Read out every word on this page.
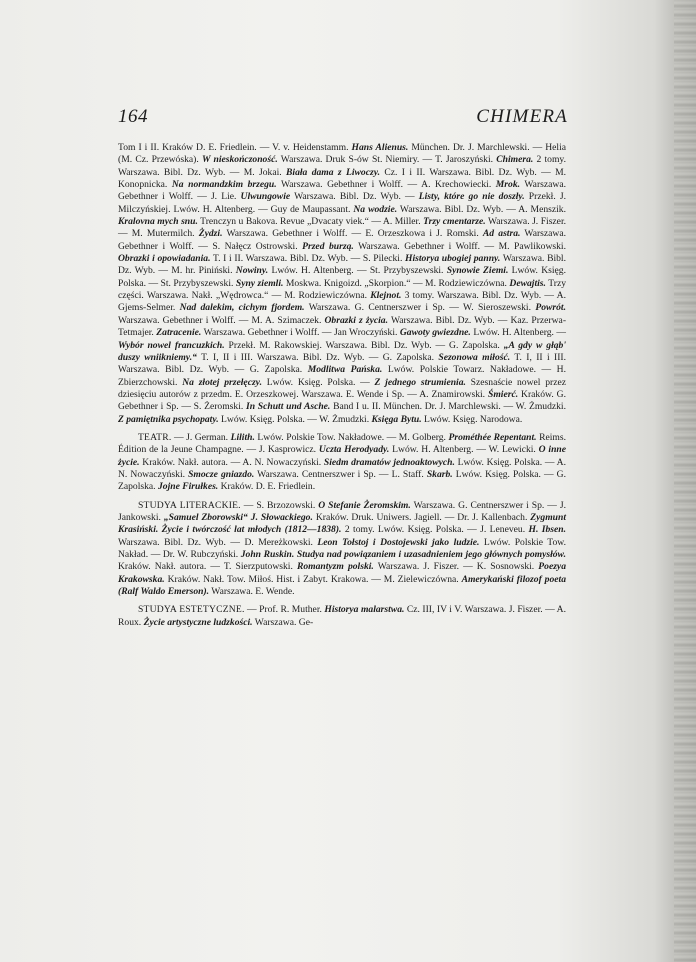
164	CHIMERA

Tom I i II. Kraków D. E. Friedlein. — V. v. Heidenstamm. Hans Alienus. München. Dr. J. Marchlewski. — Helia (M. Cz. Przewóska). W nieskończoność. Warszawa. Druk S-ów St. Niemiry. — T. Jaroszyński. Chimera. 2 tomy. Warszawa. Bibl. Dz. Wyb. — M. Jokai. Biała dama z Liwoczy. Cz. I i II. Warszawa. Bibl. Dz. Wyb. — M. Konopnicka. Na normandzkim brzegu. Warszawa. Gebethner i Wolff. — A. Krechowiecki. Mrok. Warszawa. Gebethner i Wolff. — J. Lie. Ulwungowie Warszawa. Bibl. Dz. Wyb. — Listy, które go nie doszły. Przekł. J. Milczyńskiej. Lwów. H. Altenberg. — Guy de Maupassant. Na wodzie. Warszawa. Bibl. Dz. Wyb. — A. Menszik. Kralovna mych snu. Trenczyn u Bakova. Revue „Dvacaty viek.“ — A. Miller. Trzy cmentarze. Warszawa. J. Fiszer. — M. Mutermilch. Żydzi. Warszawa. Gebethner i Wolff. — E. Orzeszkowa i J. Romski. Ad astra. Warszawa. Gebethner i Wolff. — S. Nałęcz Ostrowski. Przed burzą. Warszawa. Gebethner i Wolff. — M. Pawlikowski. Obrazki i opowiadania. T. I i II. Warszawa. Bibl. Dz. Wyb. — S. Pilecki. Historya ubogiej panny. Warszawa. Bibl. Dz. Wyb. — M. hr. Piniński. Nowiny. Lwów. H. Altenberg. — St. Przybyszewski. Synowie Ziemi. Lwów. Księg. Polska. — St. Przybyszewski. Syny ziemli. Moskwa. Knigoizd. „Skorpion.“ — M. Rodziewiczówna. Dewajtis. Trzy części. Warszawa. Nakł. „Wędrowca.“ — M. Rodziewiczówna. Klejnot. 3 tomy. Warszawa. Bibl. Dz. Wyb. — A. Gjems-Selmer. Nad dalekim, cichym fjordem. Warszawa. G. Centnerszwer i Sp. — W. Sieroszewski. Powrót. Warszawa. Gebethner i Wolff. — M. A. Szimaczek. Obrazki z życia. Warszawa. Bibl. Dz. Wyb. — Kaz. Przerwa-Tetmajer. Zatracenie. Warszawa. Gebethner i Wolff. — Jan Wroczyński. Gawoty gwiezdne. Lwów. H. Altenberg. — Wybór nowel francuzkich. Przekł. M. Rakowskiej. Warszawa. Bibl. Dz. Wyb. — G. Zapolska. „A gdy w głąb' duszy wniikniemy.“ T. I, II i III. Warszawa. Bibl. Dz. Wyb. — G. Zapolska. Sezonowa miłość. T. I, II i III. Warszawa. Bibl. Dz. Wyb. — G. Zapolska. Modlitwa Pańska. Lwów. Polskie Towarz. Nakładowe. — H. Zbierzchowski. Na złotej przełęczy. Lwów. Księg. Polska. — Z jednego strumienia. Szesnaście nowel przez dziesięciu autorów z przedm. E. Orzeszkowej. Warszawa. E. Wende i Sp. — A. Znamirowski. Śmierć. Kraków. G. Gebethner i Sp. — S. Żeromski. In Schutt und Asche. Band I u. II. München. Dr. J. Marchlewski. — W. Żmudzki. Z pamiętnika psychopaty. Lwów. Księg. Polska. — W. Żmudzki. Księga Bytu. Lwów. Księg. Narodowa.

TEATR. — J. German. Lilith. Lwów. Polskie Tow. Nakładowe. — M. Golberg. Prométhée Repentant. Reims. Édition de la Jeune Champagne. — J. Kasprowicz. Uczta Herodyady. Lwów. H. Altenberg. — W. Lewicki. O inne życie. Kraków. Nakł. autora. — A. N. Nowaczyński. Siedm dramatów jednoaktowych. Lwów. Księg. Polska. — A. N. Nowaczyński. Smocze gniazdo. Warszawa. Centnerszwer i Sp. — L. Staff. Skarb. Lwów. Księg. Polska. — G. Zapolska. Jojne Firułkes. Kraków. D. E. Friedlein.

STUDYA LITERACKIE. — S. Brzozowski. O Stefanie Żeromskim. Warszawa. G. Centnerszwer i Sp. — J. Jankowski. „Samuel Zborowski“ J. Słowackiego. Kraków. Druk. Uniwers. Jagiell. — Dr. J. Kallenbach. Zygmunt Krasiński. Życie i twórczość lat młodych (1812—1838). 2 tomy. Lwów. Księg. Polska. — J. Leneveu. H. Ibsen. Warszawa. Bibl. Dz. Wyb. — D. Mereżkowski. Leon Tołstoj i Dostojewski jako ludzie. Lwów. Polskie Tow. Nakład. — Dr. W. Rubczyński. John Ruskin. Studya nad powiązaniem i uzasadnieniem jego głównych pomysłów. Kraków. Nakł. autora. — T. Sierzputowski. Romantyzm polski. Warszawa. J. Fiszer. — K. Sosnowski. Poezya Krakowska. Kraków. Nakł. Tow. Miłoś. Hist. i Zabyt. Krakowa. — M. Zielewiczówna. Amerykański filozof poeta (Ralf Waldo Emerson). Warszawa. E. Wende.

STUDYA ESTETYCZNE. — Prof. R. Muther. Historya malarstwa. Cz. III, IV i V. Warszawa. J. Fiszer. — A. Roux. Życie artystyczne ludzkości. Warszawa. Ge-
